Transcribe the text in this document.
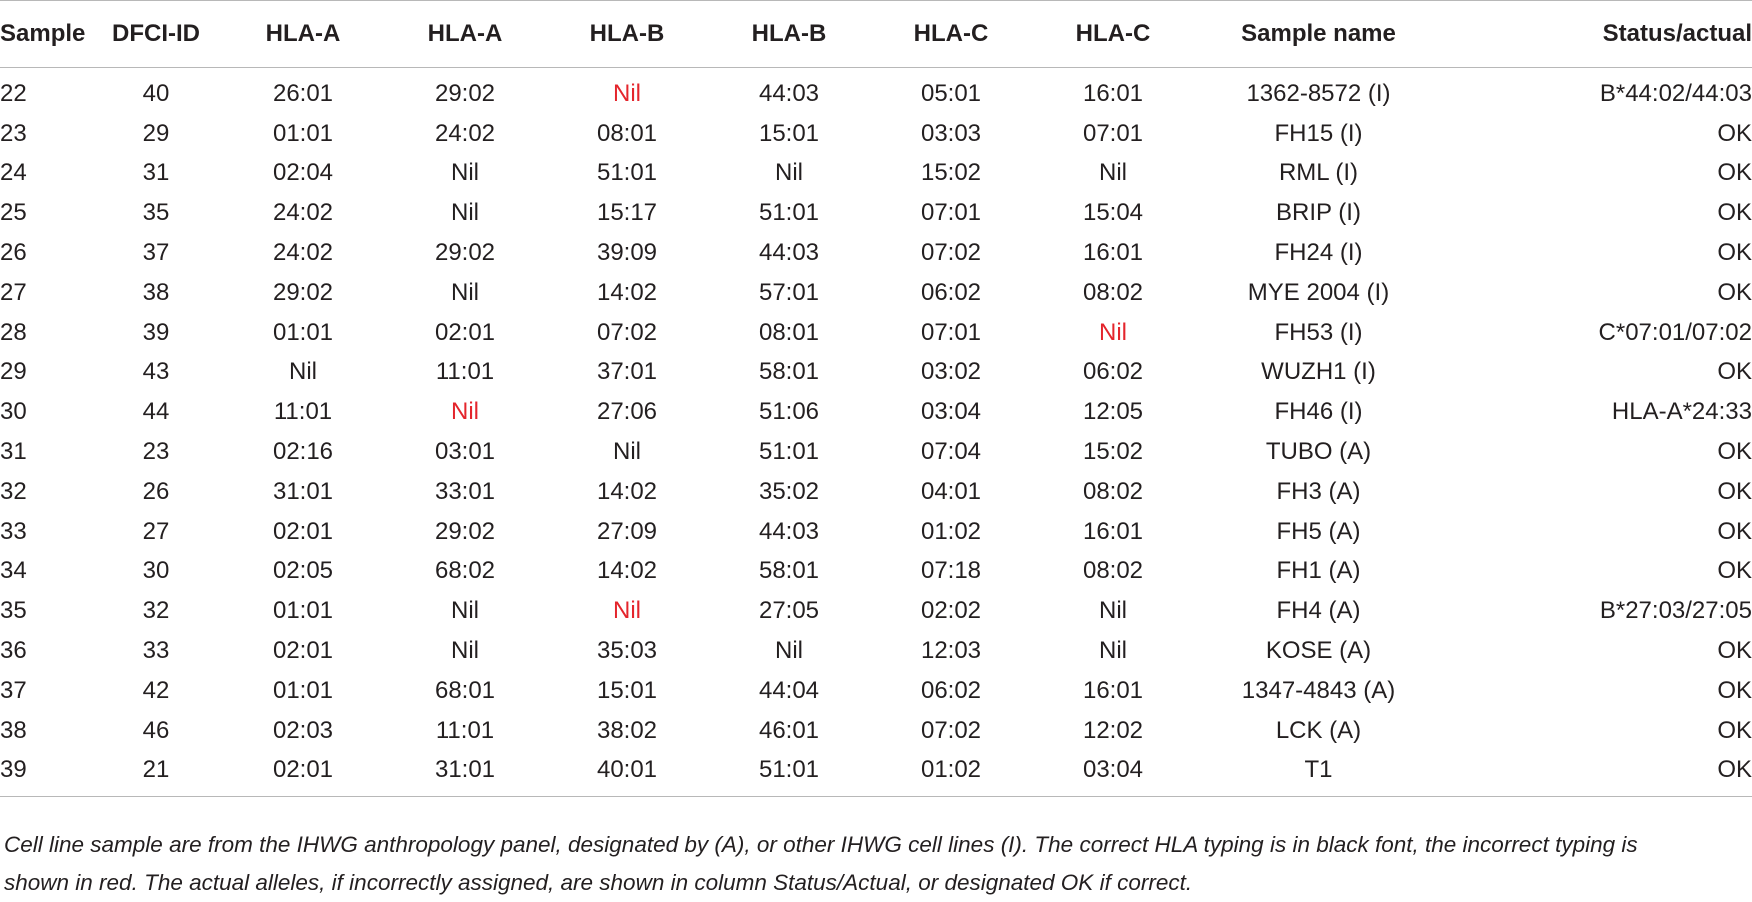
Sample	DFCI-ID	HLA-A	HLA-A	HLA-B	HLA-B	HLA-C	HLA-C	Sample name	Status/actual
22	40	26:01	29:02	Nil	44:03	05:01	16:01	1362-8572 (I)	B*44:02/44:03
23	29	01:01	24:02	08:01	15:01	03:03	07:01	FH15 (I)	OK
24	31	02:04	Nil	51:01	Nil	15:02	Nil	RML (I)	OK
25	35	24:02	Nil	15:17	51:01	07:01	15:04	BRIP (I)	OK
26	37	24:02	29:02	39:09	44:03	07:02	16:01	FH24 (I)	OK
27	38	29:02	Nil	14:02	57:01	06:02	08:02	MYE 2004 (I)	OK
28	39	01:01	02:01	07:02	08:01	07:01	Nil	FH53 (I)	C*07:01/07:02
29	43	Nil	11:01	37:01	58:01	03:02	06:02	WUZH1 (I)	OK
30	44	11:01	Nil	27:06	51:06	03:04	12:05	FH46 (I)	HLA-A*24:33
31	23	02:16	03:01	Nil	51:01	07:04	15:02	TUBO (A)	OK
32	26	31:01	33:01	14:02	35:02	04:01	08:02	FH3 (A)	OK
33	27	02:01	29:02	27:09	44:03	01:02	16:01	FH5 (A)	OK
34	30	02:05	68:02	14:02	58:01	07:18	08:02	FH1 (A)	OK
35	32	01:01	Nil	Nil	27:05	02:02	Nil	FH4 (A)	B*27:03/27:05
36	33	02:01	Nil	35:03	Nil	12:03	Nil	KOSE (A)	OK
37	42	01:01	68:01	15:01	44:04	06:02	16:01	1347-4843 (A)	OK
38	46	02:03	11:01	38:02	46:01	07:02	12:02	LCK (A)	OK
39	21	02:01	31:01	40:01	51:01	01:02	03:04	T1	OK
Cell line sample are from the IHWG anthropology panel, designated by (A), or other IHWG cell lines (I). The correct HLA typing is in black font, the incorrect typing is
shown in red. The actual alleles, if incorrectly assigned, are shown in column Status/Actual, or designated OK if correct.
